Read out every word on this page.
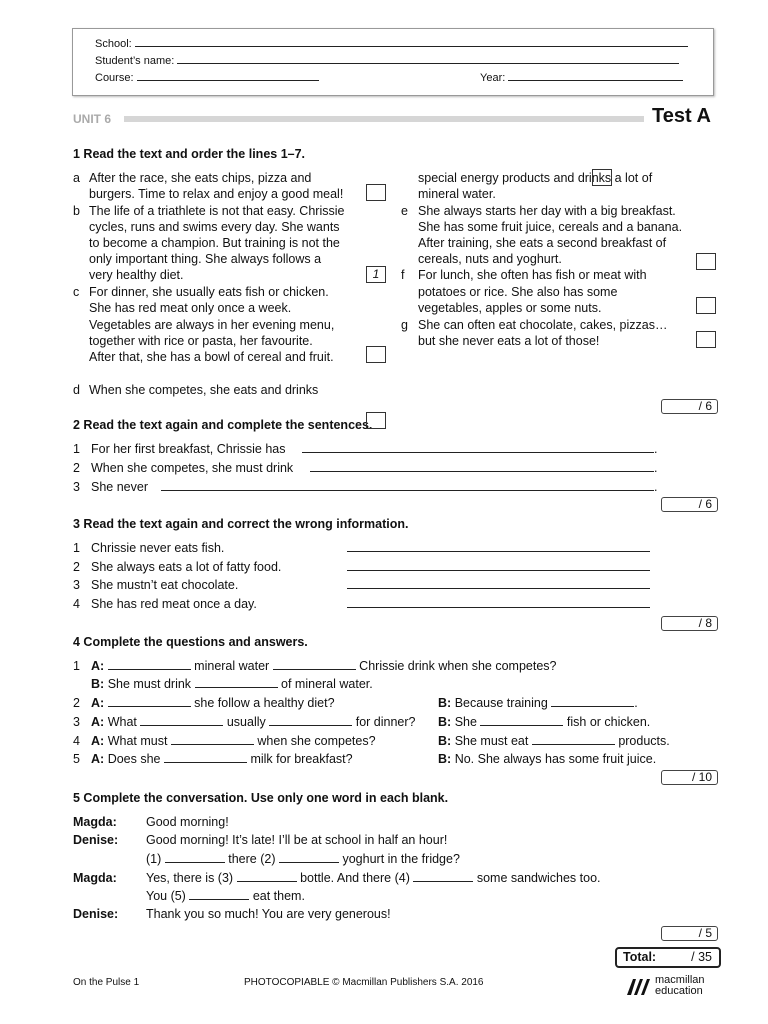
School:
Student’s name:
Course:	Year:
UNIT 6	Test A
1 Read the text and order the lines 1–7.
a After the race, she eats chips, pizza and
burgers. Time to relax and enjoy a good meal!
b The life of a triathlete is not that easy. Chrissie
cycles, runs and swims every day. She wants
to become a champion. But training is not the
only important thing. She always follows a
very healthy diet.	1
c For dinner, she usually eats fish or chicken.
She has red meat only once a week.
Vegetables are always in her evening menu,
together with rice or pasta, her favourite.
After that, she has a bowl of cereal and fruit.
d When she competes, she eats and drinks
special energy products and drinks a lot of
mineral water.
e She always starts her day with a big breakfast.
She has some fruit juice, cereals and a banana.
After training, she eats a second breakfast of
cereals, nuts and yoghurt.
f For lunch, she often has fish or meat with
potatoes or rice. She also has some
vegetables, apples or some nuts.
g She can often eat chocolate, cakes, pizzas…
but she never eats a lot of those!
/ 6
2 Read the text again and complete the sentences.
1 For her first breakfast, Chrissie has	.
2 When she competes, she must drink	.
3 She never	.
/ 6
3 Read the text again and correct the wrong information.
1 Chrissie never eats fish.
2 She always eats a lot of fatty food.
3 She mustn’t eat chocolate.
4 She has red meat once a day.
/ 8
4 Complete the questions and answers.
1 A:	mineral water	Chrissie drink when she competes?
B: She must drink	of mineral water.
2 A:	she follow a healthy diet?	B: Because training	.
3 A: What	usually	for dinner? B: She	fish or chicken.
4 A: What must	when she competes?	B: She must eat	products.
5 A: Does she	milk for breakfast?	B: No. She always has some fruit juice.
/ 10
5 Complete the conversation. Use only one word in each blank.
Magda: Good morning!
Denise: Good morning! It’s late! I’ll be at school in half an hour!
(1)	there (2)	yoghurt in the fridge?
Magda: Yes, there is (3)	bottle. And there (4)	some sandwiches too.
You (5)	eat them.
Denise: Thank you so much! You are very generous!
/ 5
Total:	/ 35
On the Pulse 1	PHOTOCOPIABLE © Macmillan Publishers S.A. 2016	macmillan
education
